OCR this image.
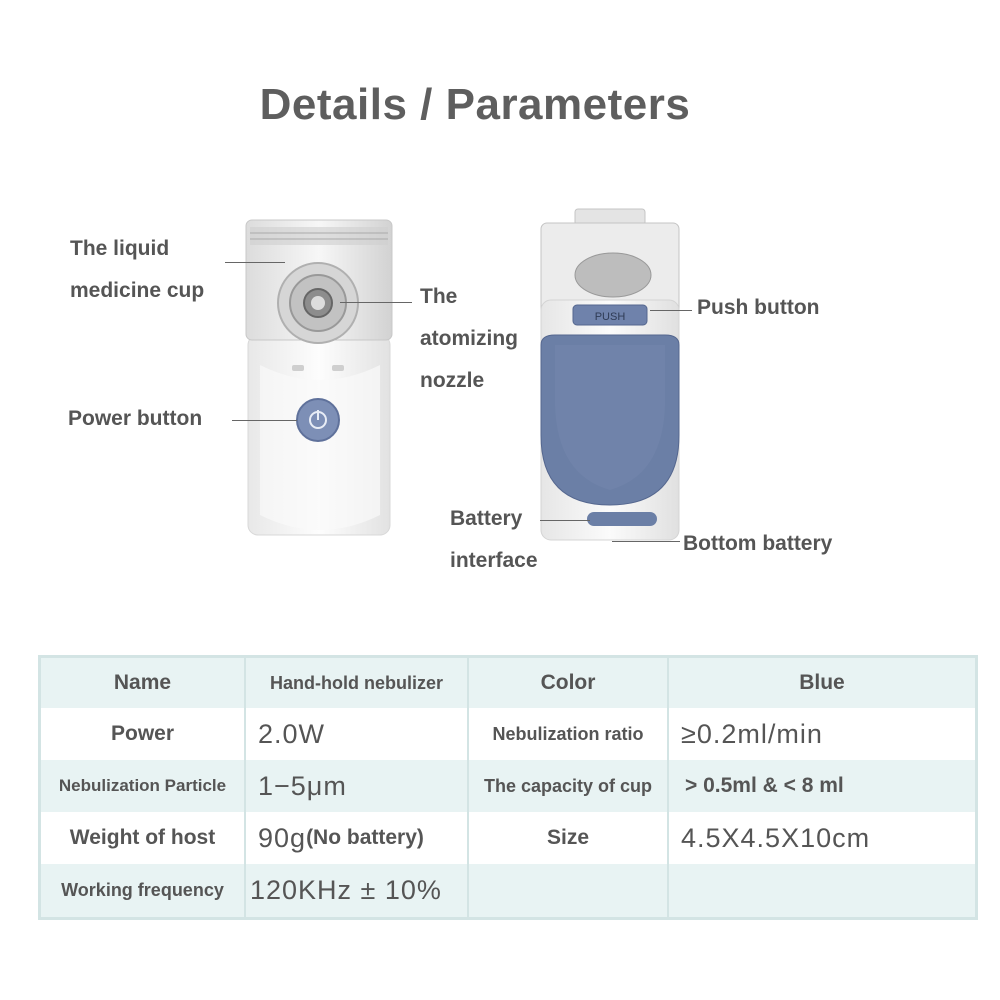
Details / Parameters
PUSH
The liquid
medicine cup	The
atomizing
nozzle
Power button
Push button
Battery
interface
Bottom battery
Name	Hand-hold nebulizer	Color	Blue
Power	2.0W	Nebulization ratio	≥0.2ml/min
Nebulization Particle	1−5μm	The capacity of cup	> 0.5ml & < 8 ml
Weight of host	90g (No battery)	Size	4.5X4.5X10cm
Working frequency 120KHz ± 10%
